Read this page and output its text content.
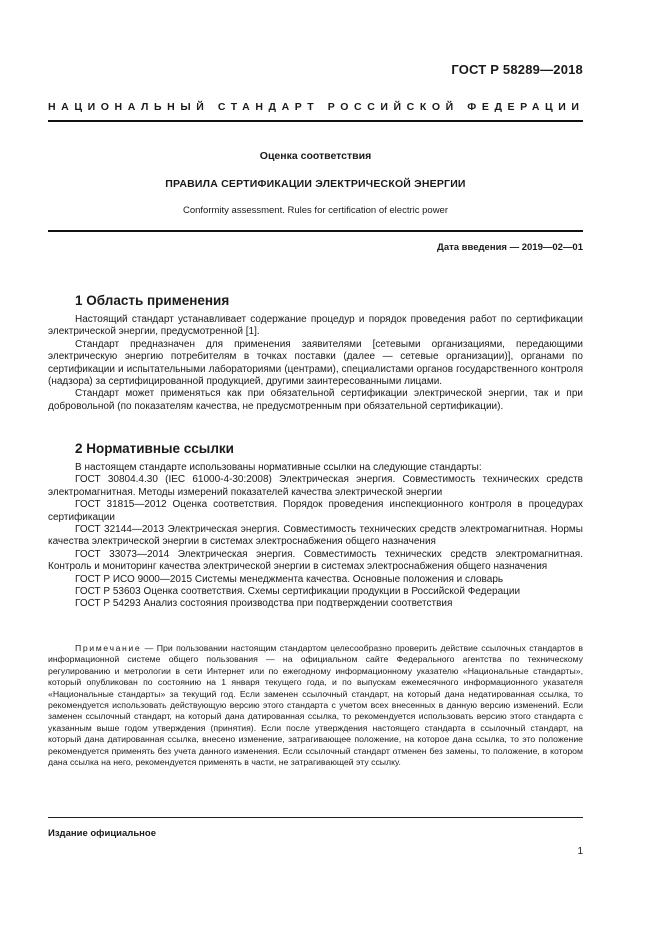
ГОСТ Р 58289—2018
НАЦИОНАЛЬНЫЙ СТАНДАРТ РОССИЙСКОЙ ФЕДЕРАЦИИ
Оценка соответствия
ПРАВИЛА СЕРТИФИКАЦИИ ЭЛЕКТРИЧЕСКОЙ ЭНЕРГИИ
Conformity assessment. Rules for certification of electric power
Дата введения — 2019—02—01
1 Область применения

Настоящий стандарт устанавливает содержание процедур и порядок проведения работ по сертификации электрической энергии, предусмотренной [1].

Стандарт предназначен для применения заявителями [сетевыми организациями, передающими электрическую энергию потребителям в точках поставки (далее — сетевые организации)], органами по сертификации и испытательными лабораториями (центрами), специалистами органов государственного контроля (надзора) за сертифицированной продукцией, другими заинтересованными лицами.

Стандарт может применяться как при обязательной сертификации электрической энергии, так и при добровольной (по показателям качества, не предусмотренным при обязательной сертификации).

2 Нормативные ссылки

В настоящем стандарте использованы нормативные ссылки на следующие стандарты:

ГОСТ 30804.4.30 (IEC 61000-4-30:2008) Электрическая энергия. Совместимость технических средств электромагнитная. Методы измерений показателей качества электрической энергии

ГОСТ 31815—2012 Оценка соответствия. Порядок проведения инспекционного контроля в процедурах сертификации

ГОСТ 32144—2013 Электрическая энергия. Совместимость технических средств электромагнитная. Нормы качества электрической энергии в системах электроснабжения общего назначения

ГОСТ 33073—2014 Электрическая энергия. Совместимость технических средств электромагнитная. Контроль и мониторинг качества электрической энергии в системах электроснабжения общего назначения

ГОСТ Р ИСО 9000—2015 Системы менеджмента качества. Основные положения и словарь

ГОСТ Р 53603 Оценка соответствия. Схемы сертификации продукции в Российской Федерации

ГОСТ Р 54293 Анализ состояния производства при подтверждении соответствия

Примечание — При пользовании настоящим стандартом целесообразно проверить действие ссылочных стандартов в информационной системе общего пользования — на официальном сайте Федерального агентства по техническому регулированию и метрологии в сети Интернет или по ежегодному информационному указателю «Национальные стандарты», который опубликован по состоянию на 1 января текущего года, и по выпускам ежемесячного информационного указателя «Национальные стандарты» за текущий год. Если заменен ссылочный стандарт, на который дана недатированная ссылка, то рекомендуется использовать действующую версию этого стандарта с учетом всех внесенных в данную версию изменений. Если заменен ссылочный стандарт, на который дана датированная ссылка, то рекомендуется использовать версию этого стандарта с указанным выше годом утверждения (принятия). Если после утверждения настоящего стандарта в ссылочный стандарт, на который дана датированная ссылка, внесено изменение, затрагивающее положение, на которое дана ссылка, то это положение рекомендуется применять без учета данного изменения. Если ссылочный стандарт отменен без замены, то положение, в котором дана ссылка на него, рекомендуется применять в части, не затрагивающей эту ссылку.
Издание официальное
1
